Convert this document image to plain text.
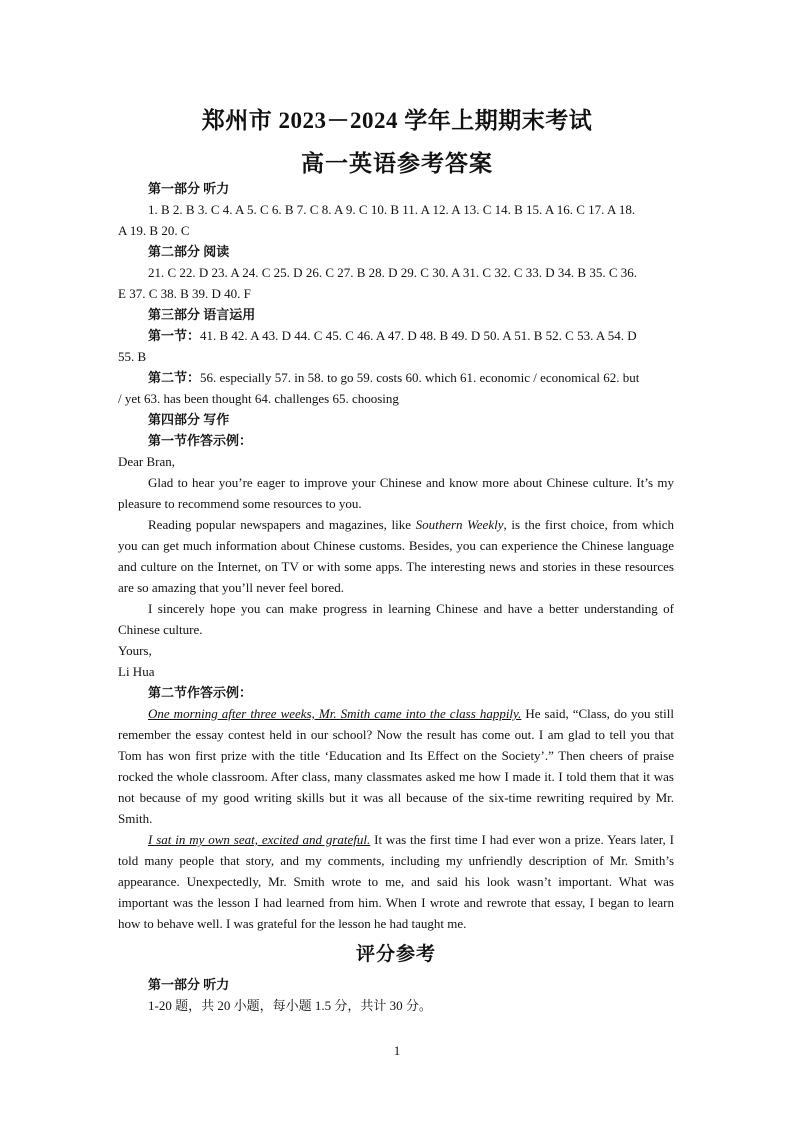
郑州市 2023－2024 学年上期期末考试
高一英语参考答案

第一部分 听力

1. B 2. B 3. C 4. A 5. C 6. B 7. C 8. A 9. C 10. B 11. A 12. A 13. C 14. B 15. A 16. C 17. A 18.

A 19. B 20. C

第二部分 阅读

21. C 22. D 23. A 24. C 25. D 26. C 27. B 28. D 29. C 30. A 31. C 32. C 33. D 34. B 35. C 36.

E 37. C 38. B 39. D 40. F

第三部分 语言运用

第一节：41. B 42. A 43. D 44. C 45. C 46. A 47. D 48. B 49. D 50. A 51. B 52. C 53. A 54. D

55. B

第二节：56. especially 57. in 58. to go 59. costs 60. which 61. economic / economical 62. but

/ yet 63. has been thought 64. challenges 65. choosing

第四部分 写作

第一节作答示例：

Dear Bran,

Glad to hear you’re eager to improve your Chinese and know more about Chinese culture. It’s my pleasure to recommend some resources to you.

Reading popular newspapers and magazines, like Southern Weekly, is the first choice, from which you can get much information about Chinese customs. Besides, you can experience the Chinese language and culture on the Internet, on TV or with some apps. The interesting news and stories in these resources are so amazing that you’ll never feel bored.

I sincerely hope you can make progress in learning Chinese and have a better understanding of Chinese culture.

Yours,

Li Hua

第二节作答示例：

One morning after three weeks, Mr. Smith came into the class happily. He said, “Class, do you still remember the essay contest held in our school? Now the result has come out. I am glad to tell you that Tom has won first prize with the title ‘Education and Its Effect on the Society’.” Then cheers of praise rocked the whole classroom. After class, many classmates asked me how I made it. I told them that it was not because of my good writing skills but it was all because of the six-time rewriting required by Mr. Smith.

I sat in my own seat, excited and grateful. It was the first time I had ever won a prize. Years later, I told many people that story, and my comments, including my unfriendly description of Mr. Smith’s appearance. Unexpectedly, Mr. Smith wrote to me, and said his look wasn’t important. What was important was the lesson I had learned from him. When I wrote and rewrote that essay, I began to learn how to behave well. I was grateful for the lesson he had taught me.

评分参考

第一部分 听力

1-20 题，共 20 小题，每小题 1.5 分，共计 30 分。

1
